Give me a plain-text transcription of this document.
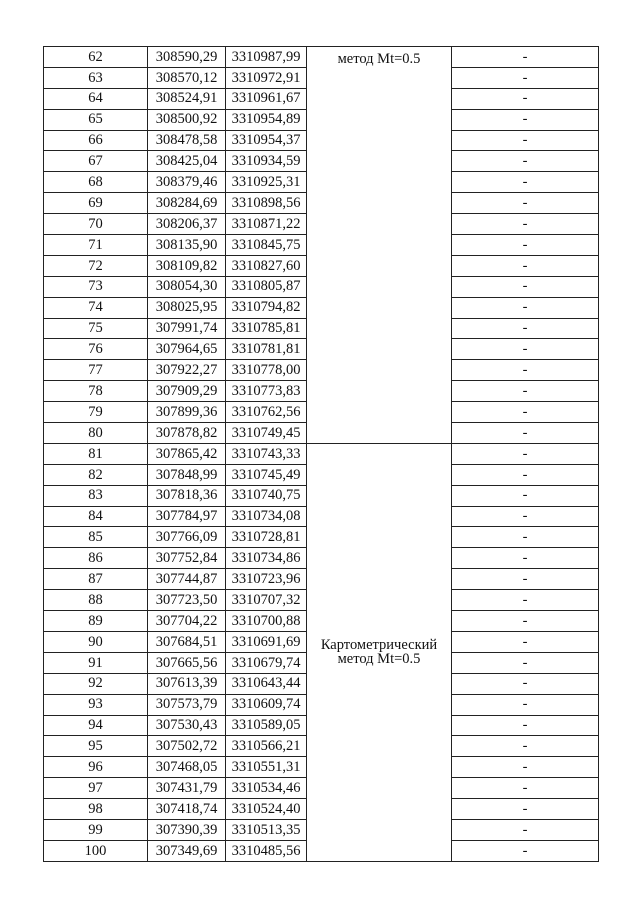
62	308590,29	3310987,99	метод Mt=0.5	-
63	308570,12	3310972,91		-
64	308524,91	3310961,67		-
65	308500,92	3310954,89		-
66	308478,58	3310954,37		-
67	308425,04	3310934,59		-
68	308379,46	3310925,31		-
69	308284,69	3310898,56		-
70	308206,37	3310871,22		-
71	308135,90	3310845,75		-
72	308109,82	3310827,60		-
73	308054,30	3310805,87		-
74	308025,95	3310794,82		-
75	307991,74	3310785,81		-
76	307964,65	3310781,81		-
77	307922,27	3310778,00		-
78	307909,29	3310773,83		-
79	307899,36	3310762,56		-
80	307878,82	3310749,45		-
81	307865,42	3310743,33	Картометрический
метод Mt=0.5	-
82	307848,99	3310745,49		-
83	307818,36	3310740,75		-
84	307784,97	3310734,08		-
85	307766,09	3310728,81		-
86	307752,84	3310734,86		-
87	307744,87	3310723,96		-
88	307723,50	3310707,32		-
89	307704,22	3310700,88		-
90	307684,51	3310691,69		-
91	307665,56	3310679,74		-
92	307613,39	3310643,44		-
93	307573,79	3310609,74		-
94	307530,43	3310589,05		-
95	307502,72	3310566,21		-
96	307468,05	3310551,31		-
97	307431,79	3310534,46		-
98	307418,74	3310524,40		-
99	307390,39	3310513,35		-
100	307349,69	3310485,56		-
